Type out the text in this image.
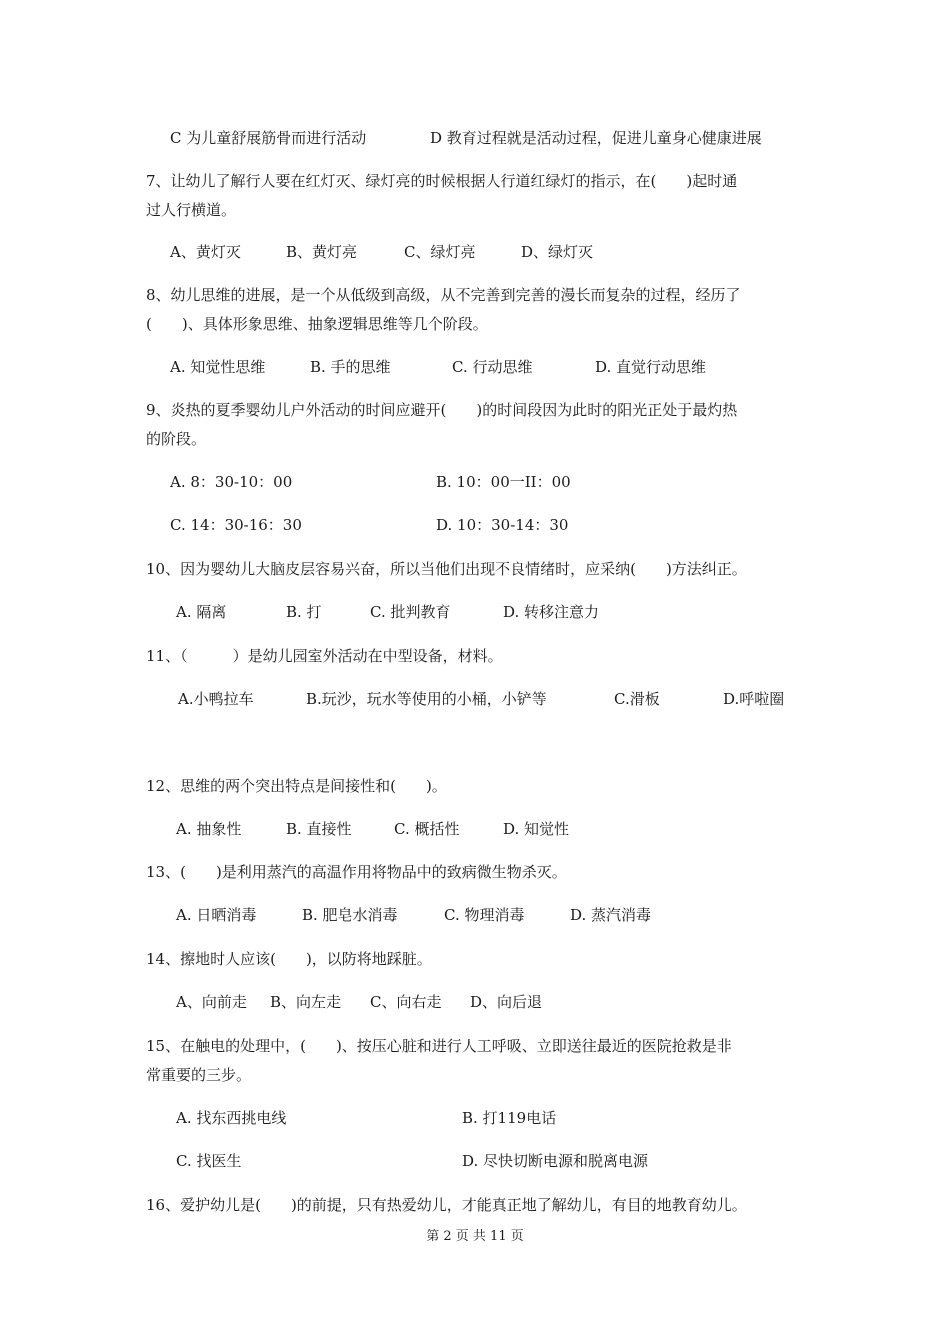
C 为儿童舒展筋骨而进行活动	D 教育过程就是活动过程，促进儿童身心健康进展
7、让幼儿了解行人要在红灯灭、绿灯亮的时候根据人行道红绿灯的指示，在(　　)起时通
过人行横道。
A、黄灯灭	B、黄灯亮	C、绿灯亮	D、绿灯灭
8、幼儿思维的进展，是一个从低级到高级，从不完善到完善的漫长而复杂的过程，经历了
(　　)、具体形象思维、抽象逻辑思维等几个阶段。
A. 知觉性思维	B. 手的思维	C. 行动思维	D. 直觉行动思维
9、炎热的夏季婴幼儿户外活动的时间应避开(　　)的时间段因为此时的阳光正处于最灼热
的阶段。
A. 8：30-10：00	B. 10：00一II：00
C. 14：30-16：30	D. 10：30-14：30
10、因为婴幼儿大脑皮层容易兴奋，所以当他们出现不良情绪时，应采纳(　　)方法纠正。
A. 隔离	B. 打	C. 批判教育	D. 转移注意力
11、（　　　）是幼儿园室外活动在中型设备，材料。
A.小鸭拉车	B.玩沙，玩水等使用的小桶，小铲等	C.滑板	D.呼啦圈
12、思维的两个突出特点是间接性和(　　)。
A. 抽象性	B. 直接性	C. 概括性	D. 知觉性
13、(　　)是利用蒸汽的高温作用将物品中的致病微生物杀灭。
A. 日晒消毒	B. 肥皂水消毒	C. 物理消毒	D. 蒸汽消毒
14、擦地时人应该(　　)，以防将地踩脏。
A、向前走 B、向左走 C、向右走 D、向后退
15、在触电的处理中，(　　)、按压心脏和进行人工呼吸、立即送往最近的医院抢救是非
常重要的三步。
A. 找东西挑电线	B. 打119电话
C. 找医生	D. 尽快切断电源和脱离电源
16、爱护幼儿是(　　)的前提，只有热爱幼儿，才能真正地了解幼儿，有目的地教育幼儿。
第 2 页 共 11 页
